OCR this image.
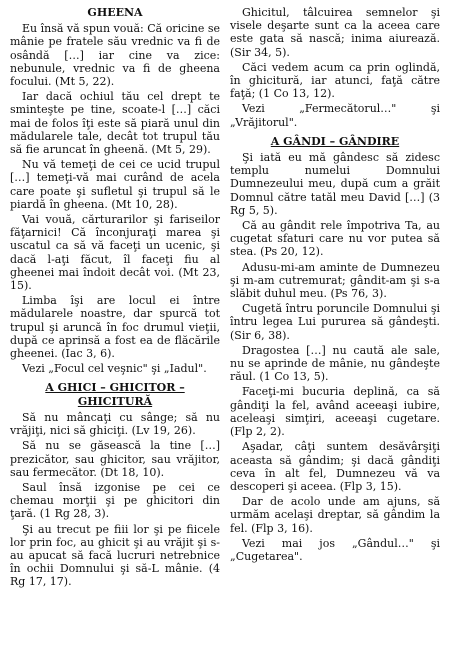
GHEENA

Eu însă vă spun vouă: Că oricine se mânie pe fratele său vrednic va fi de osândă […] iar cine va zice: nebunule, vrednic va fi de gheena focului. (Mt 5, 22).

Iar dacă ochiul tău cel drept te sminteşte pe tine, scoate-l […] căci mai de folos îţi este să piară unul din mădularele tale, decât tot trupul tău să fie aruncat în gheenă. (Mt 5, 29).

Nu vă temeţi de cei ce ucid trupul […] temeţi-vă mai curând de acela care poate şi sufletul şi trupul să le piardă în gheena. (Mt 10, 28).

Vai vouă, cărturarilor şi fariseilor făţarnici! Că înconjuraţi marea şi uscatul ca să vă faceţi un ucenic, şi dacă l-aţi făcut, îl faceţi fiu al gheenei mai îndoit decât voi. (Mt 23, 15).

Limba îşi are locul ei între mădularele noastre, dar spurcă tot trupul şi aruncă în foc drumul vieţii, după ce aprinsă a fost ea de flăcările gheenei. (Iac 3, 6).

Vezi „Focul cel veşnic" şi „Iadul".

A GHICI – GHICITOR – GHICITURĂ

Să nu mâncaţi cu sânge; să nu vrăjiţi, nici să ghiciţi. (Lv 19, 26).

Să nu se găsească la tine […] prezicător, sau ghicitor, sau vrăjitor, sau fermecător. (Dt 18, 10).

Saul însă izgonise pe cei ce chemau morţii şi pe ghicitori din ţară. (1 Rg 28, 3).

Şi au trecut pe fiii lor şi pe fiicele lor prin foc, au ghicit şi au vrăjit şi s-au apucat să facă lucruri netrebnice în ochii Domnului şi să-L mânie. (4 Rg 17, 17).

Ghicitul, tâlcuirea semnelor şi visele deşarte sunt ca la aceea care este gata să nască; inima aiurează. (Sir 34, 5).

Căci vedem acum ca prin oglindă, în ghicitură, iar atunci, faţă către faţă; (1 Co 13, 12).

Vezi „Fermecătorul…" şi „Vrăjitorul".

A GÂNDI – GÂNDIRE

Şi iată eu mă gândesc să zidesc templu numelui Domnului Dumnezeului meu, după cum a grăit Domnul către tatăl meu David […] (3 Rg 5, 5).

Că au gândit rele împotriva Ta, au cugetat sfaturi care nu vor putea să stea. (Ps 20, 12).

Adusu-mi-am aminte de Dumnezeu şi m-am cutremurat; gândit-am şi s-a slăbit duhul meu. (Ps 76, 3).

Cugetă întru poruncile Domnului şi întru legea Lui pururea să gândeşti. (Sir 6, 38).

Dragostea […] nu caută ale sale, nu se aprinde de mânie, nu gândeşte răul. (1 Co 13, 5).

Faceţi-mi bucuria deplină, ca să gândiţi la fel, având aceeaşi iubire, aceleaşi simţiri, aceeaşi cugetare. (Flp 2, 2).

Aşadar, câţi suntem desăvârşiţi aceasta să gândim; şi dacă gândiţi ceva în alt fel, Dumnezeu vă va descoperi şi aceea. (Flp 3, 15).

Dar de acolo unde am ajuns, să urmăm acelaşi dreptar, să gândim la fel. (Flp 3, 16).

Vezi mai jos „Gândul…" şi „Cugetarea".
